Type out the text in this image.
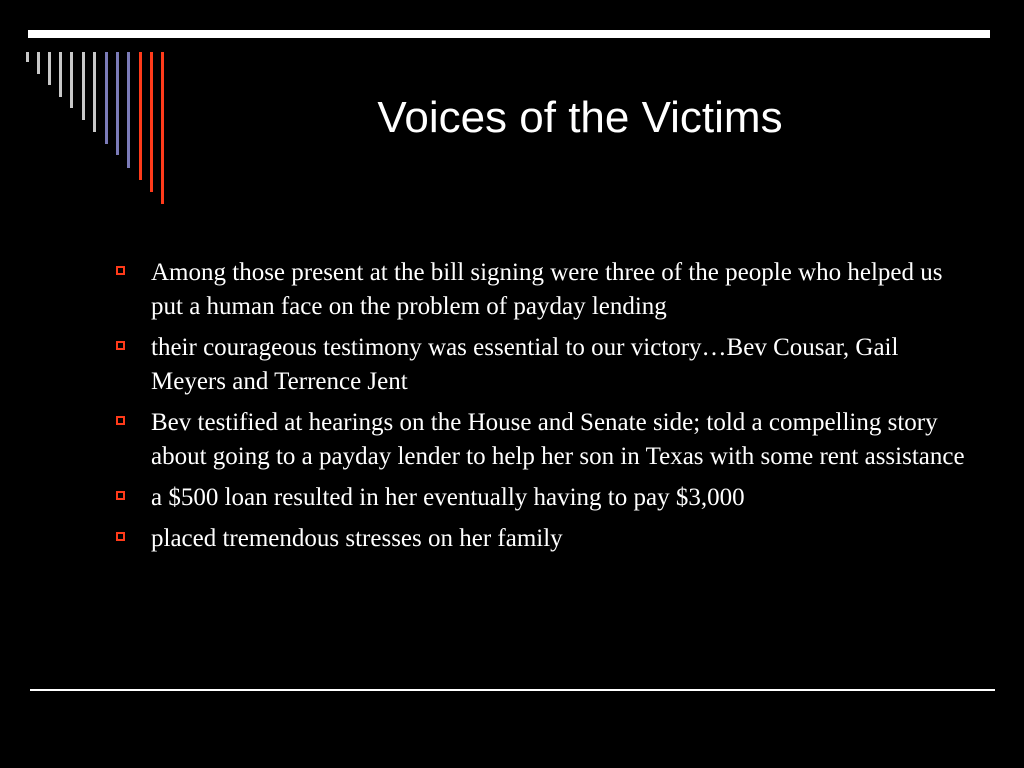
Voices of the Victims
Among those present at the bill signing were three of the people who helped us put a human face on the problem of payday lending
their courageous testimony was essential to our victory…Bev Cousar, Gail Meyers and Terrence Jent
Bev testified at hearings on the House and Senate side; told a compelling story about going to a payday lender to help her son in Texas with some rent assistance
a $500 loan resulted in her eventually having to pay $3,000
placed tremendous stresses on her family
